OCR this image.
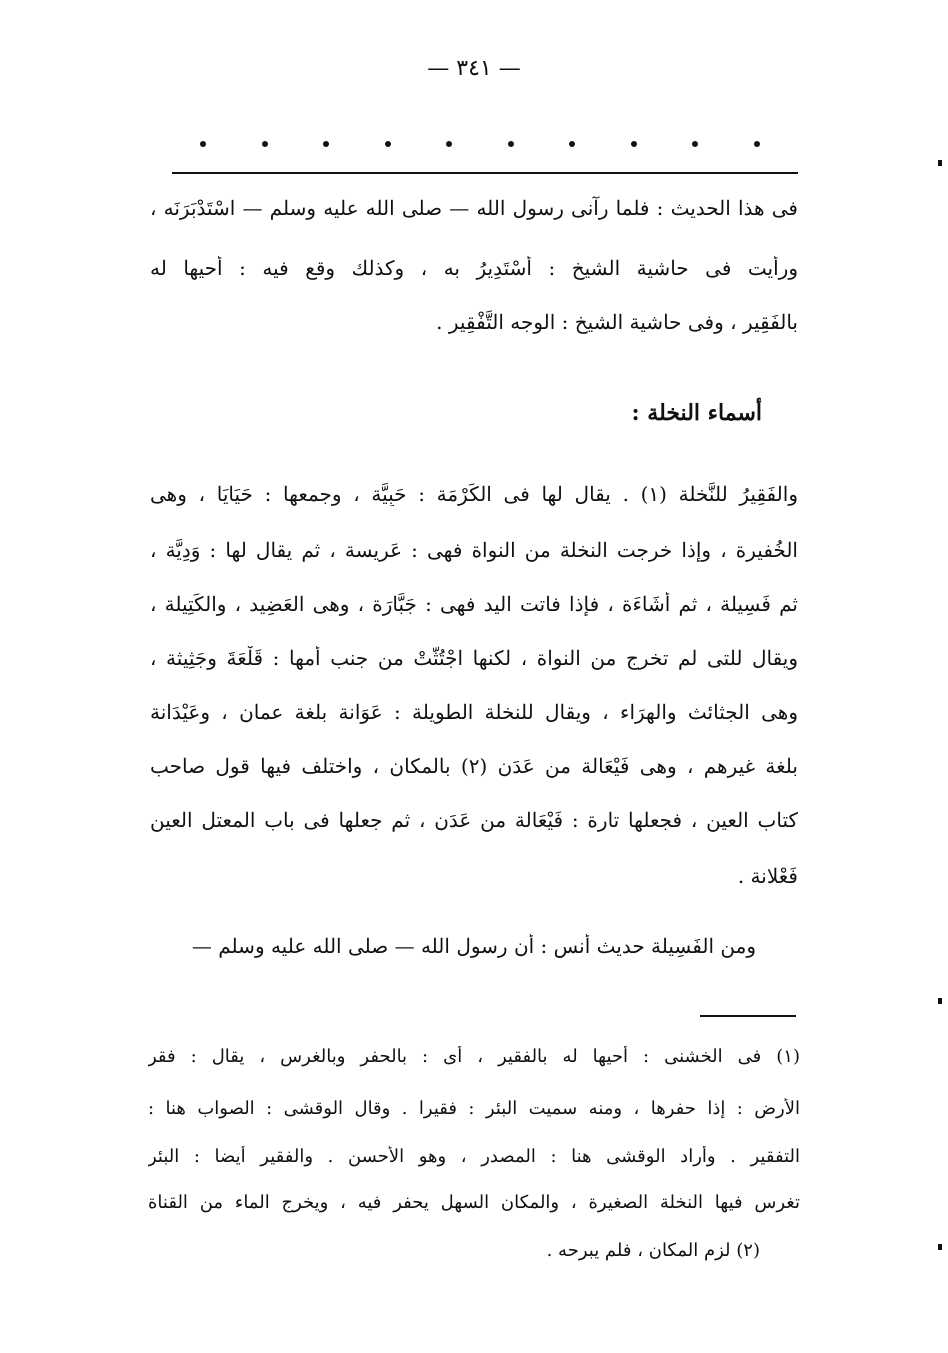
— ٣٤١ —
فى هذا الحديث : فلما رآنى رسول الله — صلى الله عليه وسلم — اسْتَدْبَرَنَه ،
ورأيت فى حاشية الشيخ : أَسْتَدِيرُ به ، وكذلك وقع فيه : أحيها له
بالفَقِير ، وفى حاشية الشيخ : الوجه التَّفْقِير .
أسماء النخلة :
والفَقِيرُ للنَّخلة (١) . يقال لها فى الكَرْمَة : حَبِيَّة ، وجمعها : حَيَايَا ، وهى
الخُفيرة ، وإذا خرجت النخلة من النواة فهى : عَرِيسة ، ثم يقال لها : وَدِيَّة ،
ثم فَسِيلة ، ثم أَشَاءَة ، فإذا فاتت اليد فهى : جَبَّارَة ، وهى العَضِيد ، والكَتِيلة ،
ويقال للتى لم تخرج من النواة ، لكنها اجْتُثَّتْ من جنب أمها : قَلْعَةَ وجَثِيثة ،
وهى الجثائث والهِرَاء ، ويقال للنخلة الطويلة : عَوَانة بلغة عمان ، وعَيْدَانة
بلغة غيرهم ، وهى فَيْعَالة من عَدَن (٢) بالمكان ، واختلف فيها قول صاحب
كتاب العين ، فجعلها تارة : فَيْعَالة من عَدَن ، ثم جعلها فى باب المعتل العين
فَعْلانة .
ومن الفَسِيلة حديث أنس : أن رسول الله — صلى الله عليه وسلم —
(١) فى الخشنى : أحيها له بالفقير ، أى : بالحفر وبالغرس ، يقال : فقر
الأرض : إذا حفرها ، ومنه سميت البئر : فقيرا . وقال الوقشى : الصواب هنا :
التفقير . وأراد الوقشى هنا : المصدر ، وهو الأحسن . والفقير أيضا : البئر
تغرس فيها النخلة الصغيرة ، والمكان السهل يحفر فيه ، ويخرج الماء من القناة
(٢) لزم المكان ، فلم يبرحه .
